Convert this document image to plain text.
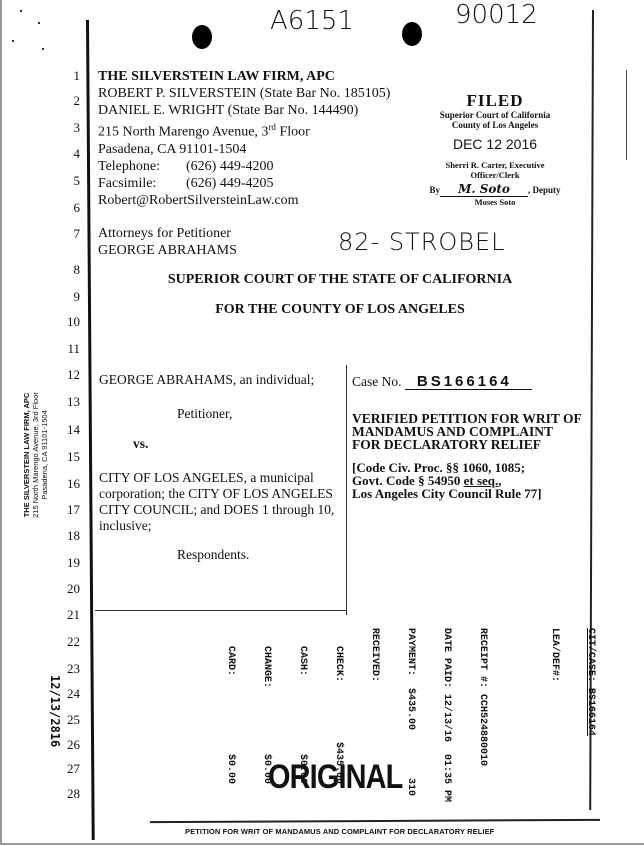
A6151	90012
82- STROBEL
12/13/2816
1
2
3
4
5
6
7
8
9
10
11
12
13
14
15
16
17
18
19
20
21
22
23
24
25
26
27
28
THE SILVERSTEIN LAW FIRM, APC
ROBERT P. SILVERSTEIN (State Bar No. 185105)
DANIEL E. WRIGHT (State Bar No. 144490)
215 North Marengo Avenue, 3rd Floor
Pasadena, CA 91101-1504
Telephone: (626) 449-4200
Facsimile: (626) 449-4205
Robert@RobertSilversteinLaw.com
Attorneys for Petitioner
GEORGE ABRAHAMS
FILED
Superior Court of California
County of Los Angeles
DEC 12 2016
Sherri R. Carter, Executive Officer/Clerk
By M. Soto , Deputy
Moses Soto
SUPERIOR COURT OF THE STATE OF CALIFORNIA
FOR THE COUNTY OF LOS ANGELES
THE SILVERSTEIN LAW FIRM, APC 215 North Marengo Avenue, 3rd Floor Pasadena, CA 91101-1504
GEORGE ABRAHAMS, an individual;
Petitioner,
vs.
CITY OF LOS ANGELES, a municipal
corporation; the CITY OF LOS ANGELES
CITY COUNCIL; and DOES 1 through 10,
inclusive;
Respondents.
Case No. BS166164
VERIFIED PETITION FOR WRIT OF
MANDAMUS AND COMPLAINT
FOR DECLARATORY RELIEF
[Code Civ. Proc. §§ 1060, 1085;
Govt. Code § 54950 et seq.,
Los Angeles City Council Rule 77]

CIT/CASE: BS166164

LEA/DEF#:

RECEIPT #: CCH524880010

DATE PAID: 12/13/16  01:35 PM

PAYMENT:  $435.00        310

RECEIVED:

CHECK:          $435.00

CASH:             $0.00

CHANGE:           $0.00

CARD:             $0.00 ORIGINAL
PETITION FOR WRIT OF MANDAMUS AND COMPLAINT FOR DECLARATORY RELIEF
